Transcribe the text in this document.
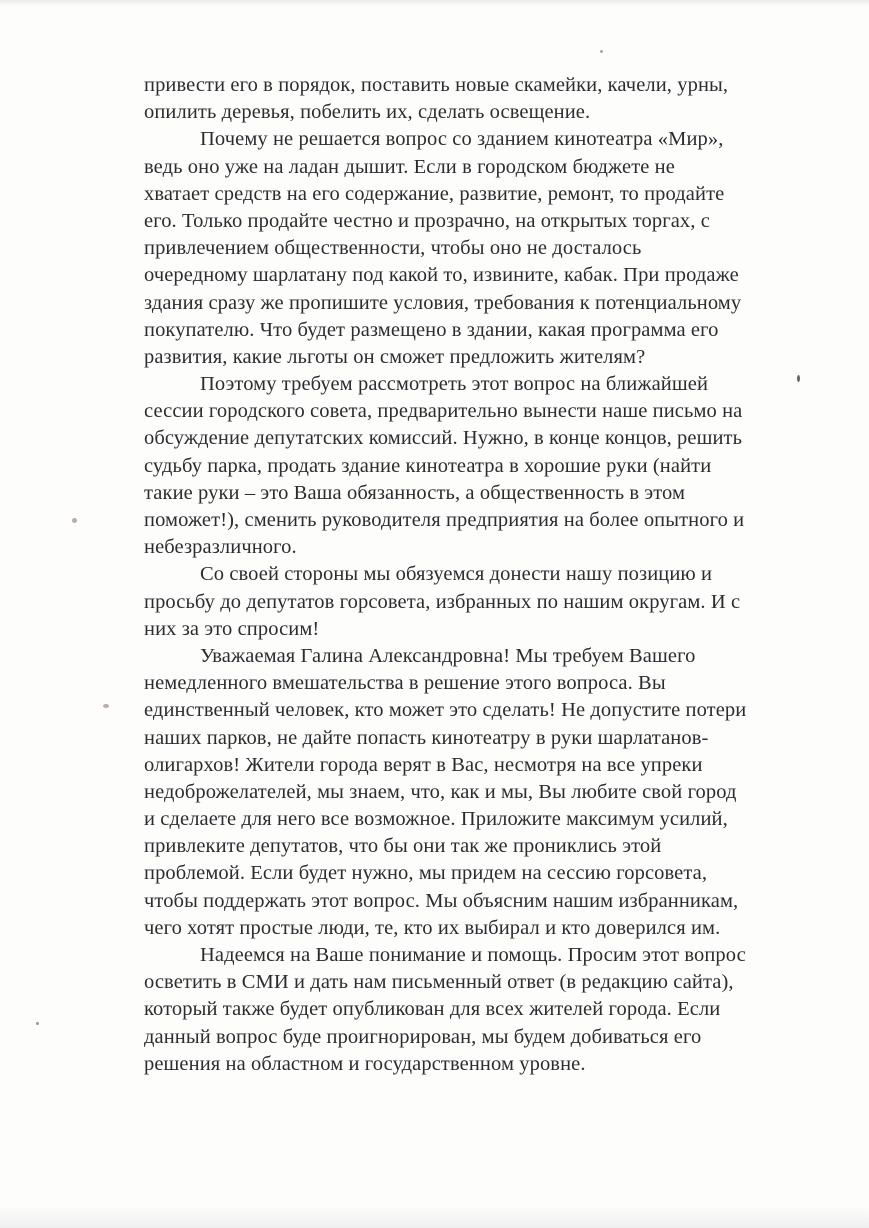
привести его в порядок, поставить новые скамейки, качели, урны,
опилить деревья, побелить их, сделать освещение.
Почему не решается вопрос со зданием кинотеатра «Мир»,
ведь оно уже на ладан дышит. Если в городском бюджете не
хватает средств на его содержание, развитие, ремонт, то продайте
его. Только продайте честно и прозрачно, на открытых торгах, с
привлечением общественности, чтобы оно не досталось
очередному шарлатану под какой то, извините, кабак. При продаже
здания сразу же пропишите условия, требования к потенциальному
покупателю. Что будет размещено в здании, какая программа его
развития, какие льготы он сможет предложить жителям?
Поэтому требуем рассмотреть этот вопрос на ближайшей
сессии городского совета, предварительно вынести наше письмо на
обсуждение депутатских комиссий. Нужно, в конце концов, решить
судьбу парка, продать здание кинотеатра в хорошие руки (найти
такие руки – это Ваша обязанность, а общественность в этом
поможет!), сменить руководителя предприятия на более опытного и
небезразличного.
Со своей стороны мы обязуемся донести нашу позицию и
просьбу до депутатов горсовета, избранных по нашим округам. И с
них за это спросим!
Уважаемая Галина Александровна! Мы требуем Вашего
немедленного вмешательства в решение этого вопроса. Вы
единственный человек, кто может это сделать! Не допустите потери
наших парков, не дайте попасть кинотеатру в руки шарлатанов-
олигархов! Жители города верят в Вас, несмотря на все упреки
недоброжелателей, мы знаем, что, как и мы, Вы любите свой город
и сделаете для него все возможное. Приложите максимум усилий,
привлеките депутатов, что бы они так же прониклись этой
проблемой. Если будет нужно, мы придем на сессию горсовета,
чтобы поддержать этот вопрос. Мы объясним нашим избранникам,
чего хотят простые люди, те, кто их выбирал и кто доверился им.
Надеемся на Ваше понимание и помощь. Просим этот вопрос
осветить в СМИ и дать нам письменный ответ (в редакцию сайта),
который также будет опубликован для всех жителей города. Если
данный вопрос буде проигнорирован, мы будем добиваться его
решения на областном и государственном уровне.
